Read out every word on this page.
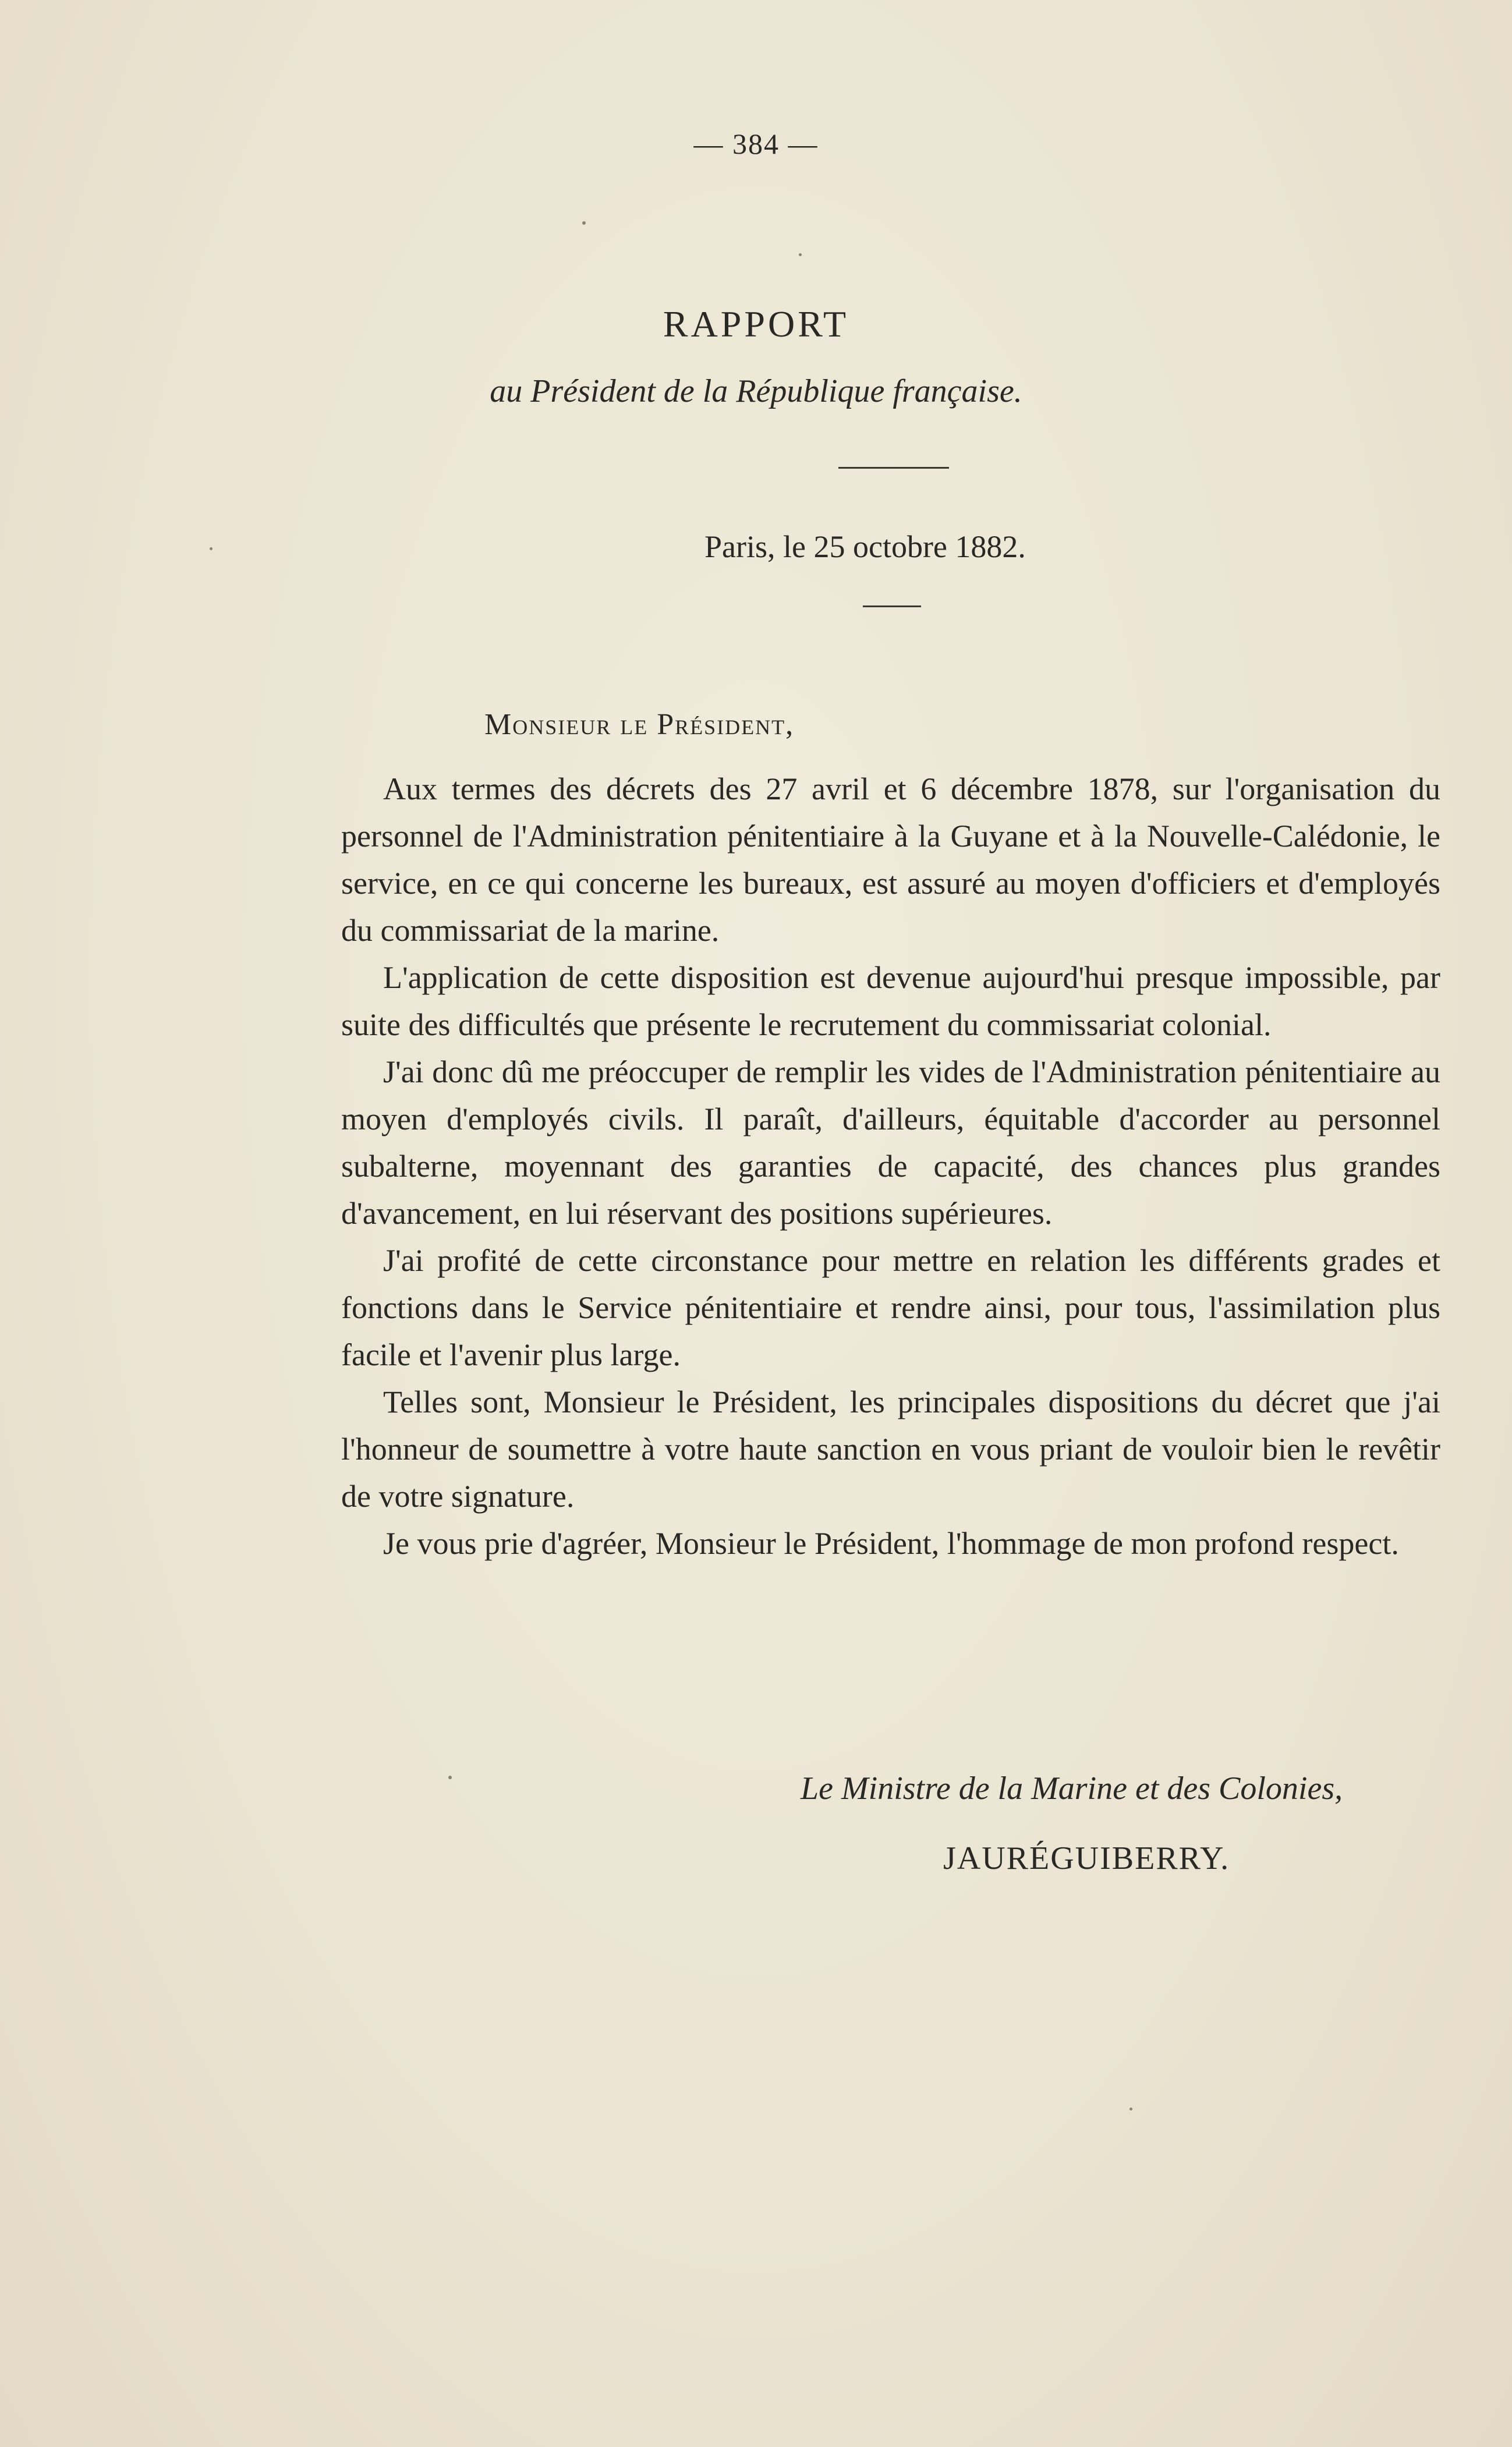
— 384 —
RAPPORT
au Président de la République française.
Paris, le 25 octobre 1882.
Monsieur le Président,

Aux termes des décrets des 27 avril et 6 décembre 1878, sur l'organisation du personnel de l'Administration pénitentiaire à la Guyane et à la Nouvelle-Calédonie, le service, en ce qui concerne les bureaux, est assuré au moyen d'officiers et d'employés du commissariat de la marine.

L'application de cette disposition est devenue aujourd'hui presque impossible, par suite des difficultés que présente le recrutement du commissariat colonial.

J'ai donc dû me préoccuper de remplir les vides de l'Administration pénitentiaire au moyen d'employés civils. Il paraît, d'ailleurs, équitable d'accorder au personnel subalterne, moyennant des garanties de capacité, des chances plus grandes d'avancement, en lui réservant des positions supérieures.

J'ai profité de cette circonstance pour mettre en relation les différents grades et fonctions dans le Service pénitentiaire et rendre ainsi, pour tous, l'assimilation plus facile et l'avenir plus large.

Telles sont, Monsieur le Président, les principales dispositions du décret que j'ai l'honneur de soumettre à votre haute sanction en vous priant de vouloir bien le revêtir de votre signature.

Je vous prie d'agréer, Monsieur le Président, l'hommage de mon profond respect.

Le Ministre de la Marine et des Colonies,
JAURÉGUIBERRY.
